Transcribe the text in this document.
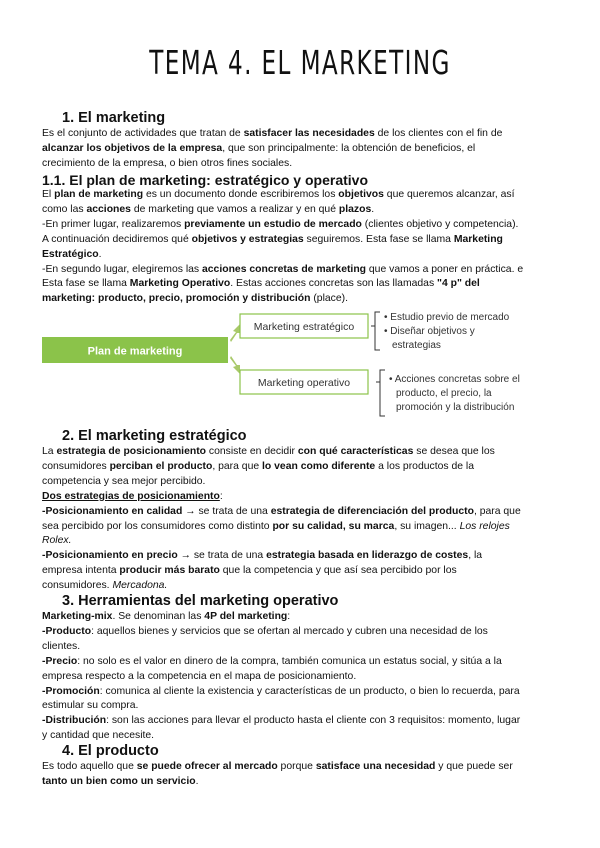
TEMA 4. EL MARKETING

1. El marketing

Es el conjunto de actividades que tratan de satisfacer las necesidades de los clientes con el fin de

alcanzar los objetivos de la empresa, que son principalmente: la obtención de beneficios, el

crecimiento de la empresa, o bien otros fines sociales.

1.1. El plan de marketing: estratégico y operativo

El plan de marketing es un documento donde escribiremos los objetivos que queremos alcanzar, así

como las acciones de marketing que vamos a realizar y en qué plazos.

-En primer lugar, realizaremos previamente un estudio de mercado (clientes objetivo y competencia).

A continuación decidiremos qué objetivos y estrategias seguiremos. Esta fase se llama Marketing

Estratégico.

-En segundo lugar, elegiremos las acciones concretas de marketing que vamos a poner en práctica. e

Esta fase se llama Marketing Operativo. Estas acciones concretas son las llamadas "4 p" del

marketing: producto, precio, promoción y distribución (place).

Plan de marketing
Marketing estratégico
Marketing operativo
• Estudio previo de mercado
• Diseñar objetivos y
estrategias
• Acciones concretas sobre el
producto, el precio, la
promoción y la distribución

2. El marketing estratégico

La estrategia de posicionamiento consiste en decidir con qué características se desea que los

consumidores perciban el producto, para que lo vean como diferente a los productos de la

competencia y sea mejor percibido.

Dos estrategias de posicionamiento:

-Posicionamiento en calidad → se trata de una estrategia de diferenciación del producto, para que

sea percibido por los consumidores como distinto por su calidad, su marca, su imagen... Los relojes

Rolex.

-Posicionamiento en precio → se trata de una estrategia basada en liderazgo de costes, la

empresa intenta producir más barato que la competencia y que así sea percibido por los

consumidores. Mercadona.

3. Herramientas del marketing operativo

Marketing-mix. Se denominan las 4P del marketing:

-Producto: aquellos bienes y servicios que se ofertan al mercado y cubren una necesidad de los

clientes.

-Precio: no solo es el valor en dinero de la compra, también comunica un estatus social, y sitúa a la

empresa respecto a la competencia en el mapa de posicionamiento.

-Promoción: comunica al cliente la existencia y características de un producto, o bien lo recuerda, para

estimular su compra.

-Distribución: son las acciones para llevar el producto hasta el cliente con 3 requisitos: momento, lugar

y cantidad que necesite.

4. El producto

Es todo aquello que se puede ofrecer al mercado porque satisface una necesidad y que puede ser

tanto un bien como un servicio.
